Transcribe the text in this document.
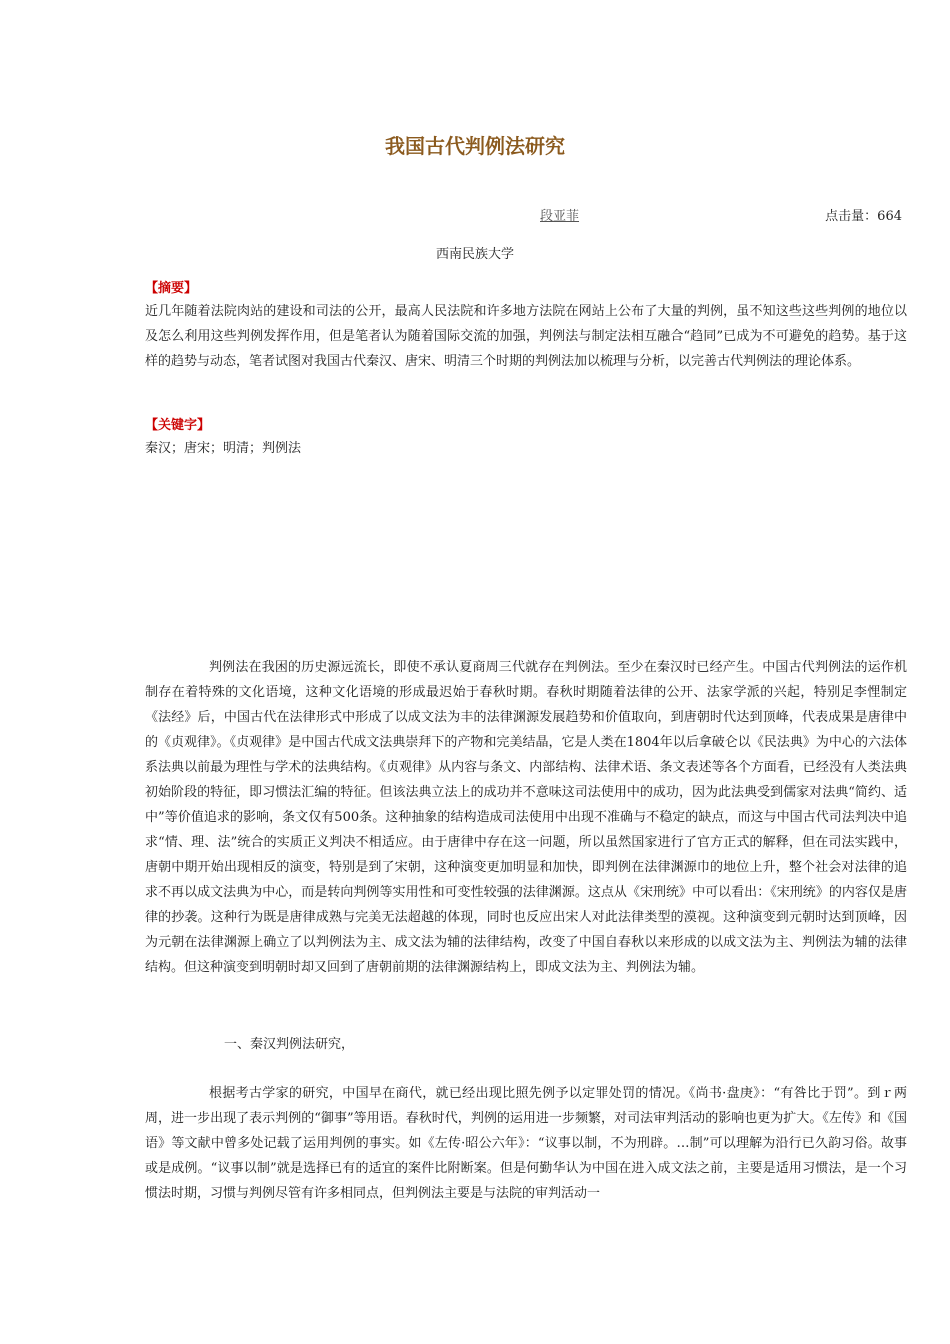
我国古代判例法研究
段亚菲	点击量：664
西南民族大学
【摘要】

近几年随着法院肉站的建设和司法的公开，最高人民法院和许多地方法院在网站上公布了大量的判例，虽不知这些这些判例的地位以及怎么利用这些判例发挥作用，但是笔者认为随着国际交流的加强，判例法与制定法相互融合“趋同”已成为不可避免的趋势。基于这样的趋势与动态，笔者试图对我国古代秦汉、唐宋、明清三个时期的判例法加以梳理与分析，以完善古代判例法的理论体系。

【关键字】

秦汉；唐宋；明清；判例法

判例法在我困的历史源远流长，即使不承认夏商周三代就存在判例法。至少在秦汉时已经产生。中国古代判例法的运作机制存在着特殊的文化语境，这种文化语境的形成最迟始于春秋时期。春秋时期随着法律的公开、法家学派的兴起，特别足李悝制定《法经》后，中国古代在法律形式中形成了以成文法为丰的法律渊源发展趋势和价值取向，到唐朝时代达到顶峰，代表成果是唐律中的《贞观律》。《贞观律》是中国古代成文法典崇拜下的产物和完美结晶，它是人类在1804年以后拿破仑以《民法典》为中心的六法体系法典以前最为理性与学术的法典结构。《贞观律》从内容与条文、内部结构、法律术语、条文表述等各个方面看，已经没有人类法典初始阶段的特征，即习惯法汇编的特征。但该法典立法上的成功并不意味这司法使用中的成功，因为此法典受到儒家对法典“简约、适中”等价值追求的影响，条文仅有500条。这种抽象的结构造成司法使用中出现不准确与不稳定的缺点，而这与中国古代司法判决中追求“情、理、法”统合的实质正义判决不相适应。由于唐律中存在这一问题，所以虽然国家进行了官方正式的解释，但在司法实践中，唐朝中期开始出现相反的演变，特别是到了宋朝，这种演变更加明显和加快，即判例在法律渊源巾的地位上升，整个社会对法律的追求不再以成文法典为中心，而是转向判例等实用性和可变性较强的法律渊源。这点从《宋刑统》中可以看出：《宋刑统》的内容仅是唐律的抄袭。这种行为既是唐律成熟与完美无法超越的体现，同时也反应出宋人对此法律类型的漠视。这种演变到元朝时达到顶峰，因为元朝在法律渊源上确立了以判例法为主、成文法为辅的法律结构，改变了中国自春秋以来形成的以成文法为主、判例法为辅的法律结构。但这种演变到明朝时却又回到了唐朝前期的法律渊源结构上，即成文法为主、判例法为辅。

一、秦汉判例法研究，

根据考古学家的研究，中国早在商代，就已经出现比照先例予以定罪处罚的情况。《尚书·盘庚》：“有咎比于罚”。到ｒ两周，进一步出现了表示判例的“御事”等用语。春秋时代，判例的运用进一步频繁，对司法审判活动的影响也更为扩大。《左传》和《国语》等文献中曾多处记载了运用判例的事实。如《左传·昭公六年》：“议事以制，不为刑辟。…制”可以理解为沿行已久韵习俗。故事或是成例。“议事以制”就是选择已有的适宜的案件比附断案。但是何勤华认为中国在进入成文法之前，主要是适用习惯法，是一个习惯法时期，习惯与判例尽管有许多相同点，但判例法主要是与法院的审判活动一
